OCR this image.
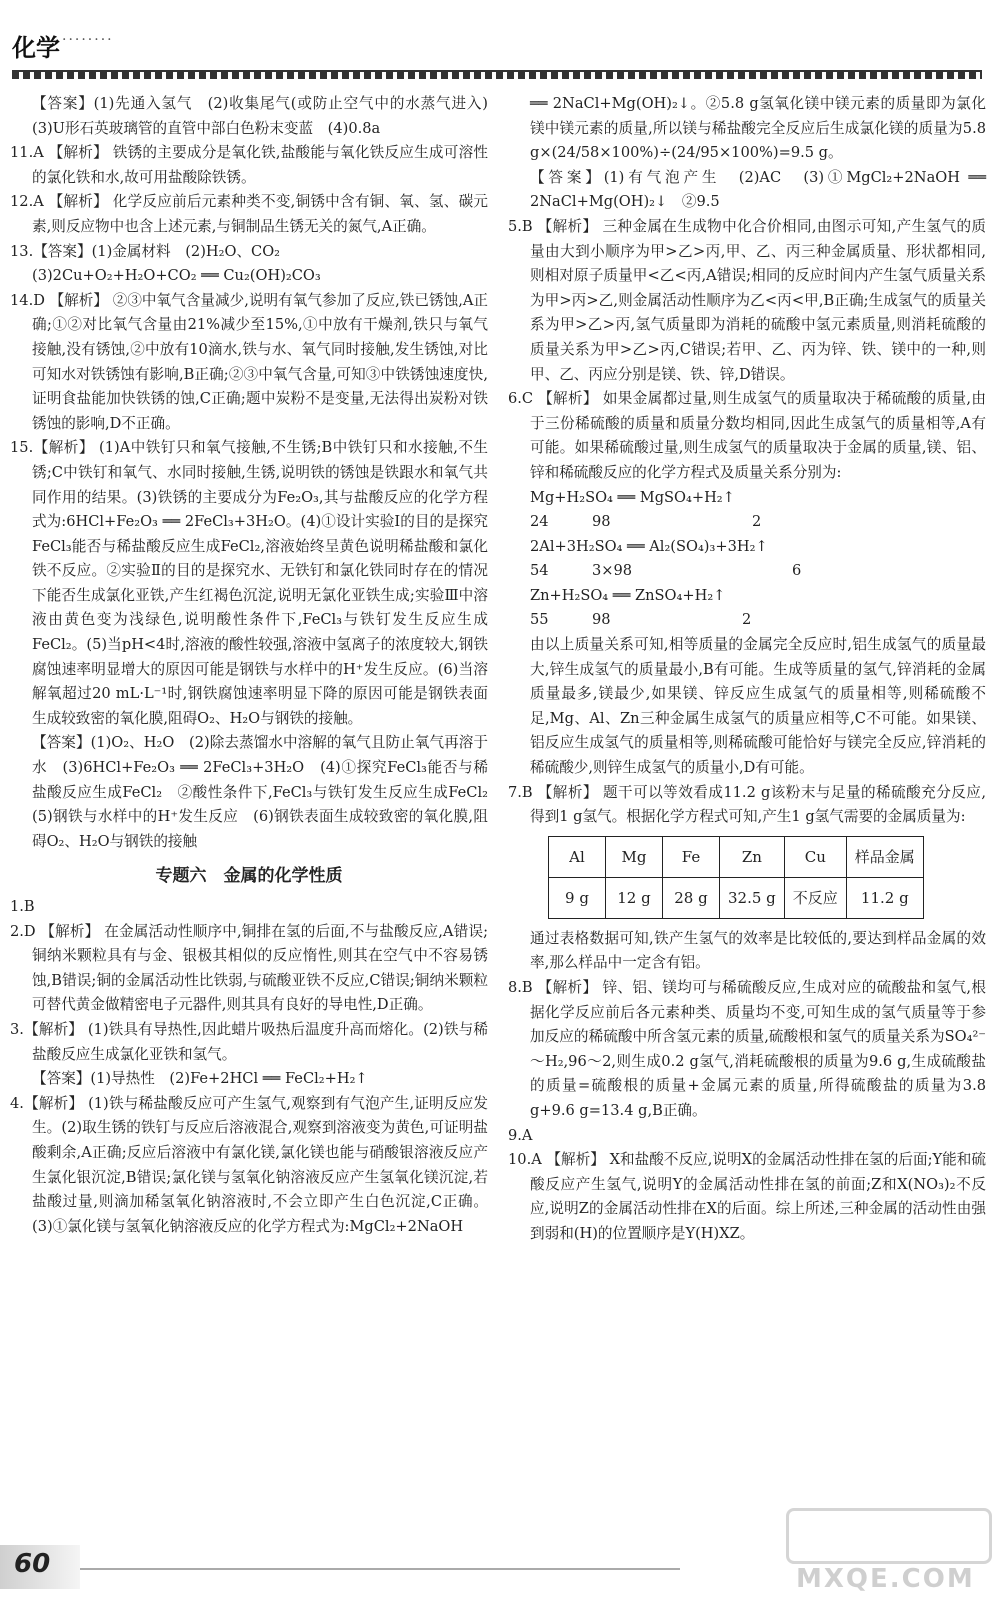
化学 ········

【答案】(1)先通入氢气　(2)收集尾气(或防止空气中的水蒸气进入)　(3)U形石英玻璃管的直管中部白色粉末变蓝　(4)0.8a

11.A 【解析】 铁锈的主要成分是氧化铁,盐酸能与氧化铁反应生成可溶性的氯化铁和水,故可用盐酸除铁锈。

12.A 【解析】 化学反应前后元素种类不变,铜锈中含有铜、氧、氢、碳元素,则反应物中也含上述元素,与铜制品生锈无关的氮气,A正确。

13.【答案】(1)金属材料　(2)H₂O、CO₂

(3)2Cu+O₂+H₂O+CO₂ ══ Cu₂(OH)₂CO₃

14.D 【解析】 ②③中氧气含量减少,说明有氧气参加了反应,铁已锈蚀,A正确;①②对比氧气含量由21%减少至15%,①中放有干燥剂,铁只与氧气接触,没有锈蚀,②中放有10滴水,铁与水、氧气同时接触,发生锈蚀,对比可知水对铁锈蚀有影响,B正确;②③中氧气含量,可知③中铁锈蚀速度快,证明食盐能加快铁锈的蚀,C正确;题中炭粉不是变量,无法得出炭粉对铁锈蚀的影响,D不正确。

15.【解析】 (1)A中铁钉只和氧气接触,不生锈;B中铁钉只和水接触,不生锈;C中铁钉和氧气、水同时接触,生锈,说明铁的锈蚀是铁跟水和氧气共同作用的结果。(3)铁锈的主要成分为Fe₂O₃,其与盐酸反应的化学方程式为:6HCl+Fe₂O₃ ══ 2FeCl₃+3H₂O。(4)①设计实验Ⅰ的目的是探究FeCl₃能否与稀盐酸反应生成FeCl₂,溶液始终呈黄色说明稀盐酸和氯化铁不反应。②实验Ⅱ的目的是探究水、无铁钉和氯化铁同时存在的情况下能否生成氯化亚铁,产生红褐色沉淀,说明无氯化亚铁生成;实验Ⅲ中溶液由黄色变为浅绿色,说明酸性条件下,FeCl₃与铁钉发生反应生成FeCl₂。(5)当pH<4时,溶液的酸性较强,溶液中氢离子的浓度较大,钢铁腐蚀速率明显增大的原因可能是钢铁与水样中的H⁺发生反应。(6)当溶解氧超过20 mL·L⁻¹时,钢铁腐蚀速率明显下降的原因可能是钢铁表面生成较致密的氧化膜,阻碍O₂、H₂O与钢铁的接触。

【答案】(1)O₂、H₂O　(2)除去蒸馏水中溶解的氧气且防止氧气再溶于水　(3)6HCl+Fe₂O₃ ══ 2FeCl₃+3H₂O　(4)①探究FeCl₃能否与稀盐酸反应生成FeCl₂　②酸性条件下,FeCl₃与铁钉发生反应生成FeCl₂　(5)钢铁与水样中的H⁺发生反应　(6)钢铁表面生成较致密的氧化膜,阻碍O₂、H₂O与钢铁的接触

专题六　金属的化学性质

1.B

2.D 【解析】 在金属活动性顺序中,铜排在氢的后面,不与盐酸反应,A错误;铜纳米颗粒具有与金、银极其相似的反应惰性,则其在空气中不容易锈蚀,B错误;铜的金属活动性比铁弱,与硫酸亚铁不反应,C错误;铜纳米颗粒可替代黄金做精密电子元器件,则其具有良好的导电性,D正确。

3.【解析】 (1)铁具有导热性,因此蜡片吸热后温度升高而熔化。(2)铁与稀盐酸反应生成氯化亚铁和氢气。

【答案】(1)导热性　(2)Fe+2HCl ══ FeCl₂+H₂↑

4.【解析】 (1)铁与稀盐酸反应可产生氢气,观察到有气泡产生,证明反应发生。(2)取生锈的铁钉与反应后溶液混合,观察到溶液变为黄色,可证明盐酸剩余,A正确;反应后溶液中有氯化镁,氯化镁也能与硝酸银溶液反应产生氯化银沉淀,B错误;氯化镁与氢氧化钠溶液反应产生氢氧化镁沉淀,若盐酸过量,则滴加稀氢氧化钠溶液时,不会立即产生白色沉淀,C正确。(3)①氯化镁与氢氧化钠溶液反应的化学方程式为:MgCl₂+2NaOH

══ 2NaCl+Mg(OH)₂↓。②5.8 g氢氧化镁中镁元素的质量即为氯化镁中镁元素的质量,所以镁与稀盐酸完全反应后生成氯化镁的质量为5.8 g×(24/58×100%)÷(24/95×100%)=9.5 g。

【答案】(1)有气泡产生　(2)AC　(3)①MgCl₂+2NaOH ══ 2NaCl+Mg(OH)₂↓　②9.5

5.B 【解析】 三种金属在生成物中化合价相同,由图示可知,产生氢气的质量由大到小顺序为甲>乙>丙,甲、乙、丙三种金属质量、形状都相同,则相对原子质量甲<乙<丙,A错误;相同的反应时间内产生氢气质量关系为甲>丙>乙,则金属活动性顺序为乙<丙<甲,B正确;生成氢气的质量关系为甲>乙>丙,氢气质量即为消耗的硫酸中氢元素质量,则消耗硫酸的质量关系为甲>乙>丙,C错误;若甲、乙、丙为锌、铁、镁中的一种,则甲、乙、丙应分别是镁、铁、锌,D错误。

6.C 【解析】 如果金属都过量,则生成氢气的质量取决于稀硫酸的质量,由于三份稀硫酸的质量和质量分数均相同,因此生成氢气的质量相等,A有可能。如果稀硫酸过量,则生成氢气的质量取决于金属的质量,镁、铝、锌和稀硫酸反应的化学方程式及质量关系分别为:

Mg+H₂SO₄ ══ MgSO₄+H₂↑

24	98	2

2Al+3H₂SO₄ ══ Al₂(SO₄)₃+3H₂↑

54	3×98	6

Zn+H₂SO₄ ══ ZnSO₄+H₂↑

55	98	2

由以上质量关系可知,相等质量的金属完全反应时,铝生成氢气的质量最大,锌生成氢气的质量最小,B有可能。生成等质量的氢气,锌消耗的金属质量最多,镁最少,如果镁、锌反应生成氢气的质量相等,则稀硫酸不足,Mg、Al、Zn三种金属生成氢气的质量应相等,C不可能。如果镁、铝反应生成氢气的质量相等,则稀硫酸可能恰好与镁完全反应,锌消耗的稀硫酸少,则锌生成氢气的质量小,D有可能。

7.B 【解析】 题干可以等效看成11.2 g该粉末与足量的稀硫酸充分反应,得到1 g氢气。根据化学方程式可知,产生1 g氢气需要的金属质量为:

Al	Mg	Fe	Zn	Cu	样品金属
9 g	12 g	28 g	32.5 g	不反应	11.2 g

通过表格数据可知,铁产生氢气的效率是比较低的,要达到样品金属的效率,那么样品中一定含有铝。

8.B 【解析】 锌、铝、镁均可与稀硫酸反应,生成对应的硫酸盐和氢气,根据化学反应前后各元素种类、质量均不变,可知生成的氢气质量等于参加反应的稀硫酸中所含氢元素的质量,硫酸根和氢气的质量关系为SO₄²⁻～H₂,96～2,则生成0.2 g氢气,消耗硫酸根的质量为9.6 g,生成硫酸盐的质量=硫酸根的质量+金属元素的质量,所得硫酸盐的质量为3.8 g+9.6 g=13.4 g,B正确。

9.A

10.A 【解析】 X和盐酸不反应,说明X的金属活动性排在氢的后面;Y能和硫酸反应产生氢气,说明Y的金属活动性排在氢的前面;Z和X(NO₃)₂不反应,说明Z的金属活动性排在X的后面。综上所述,三种金属的活动性由强到弱和(H)的位置顺序是Y(H)XZ。

60	MXQE.COM
